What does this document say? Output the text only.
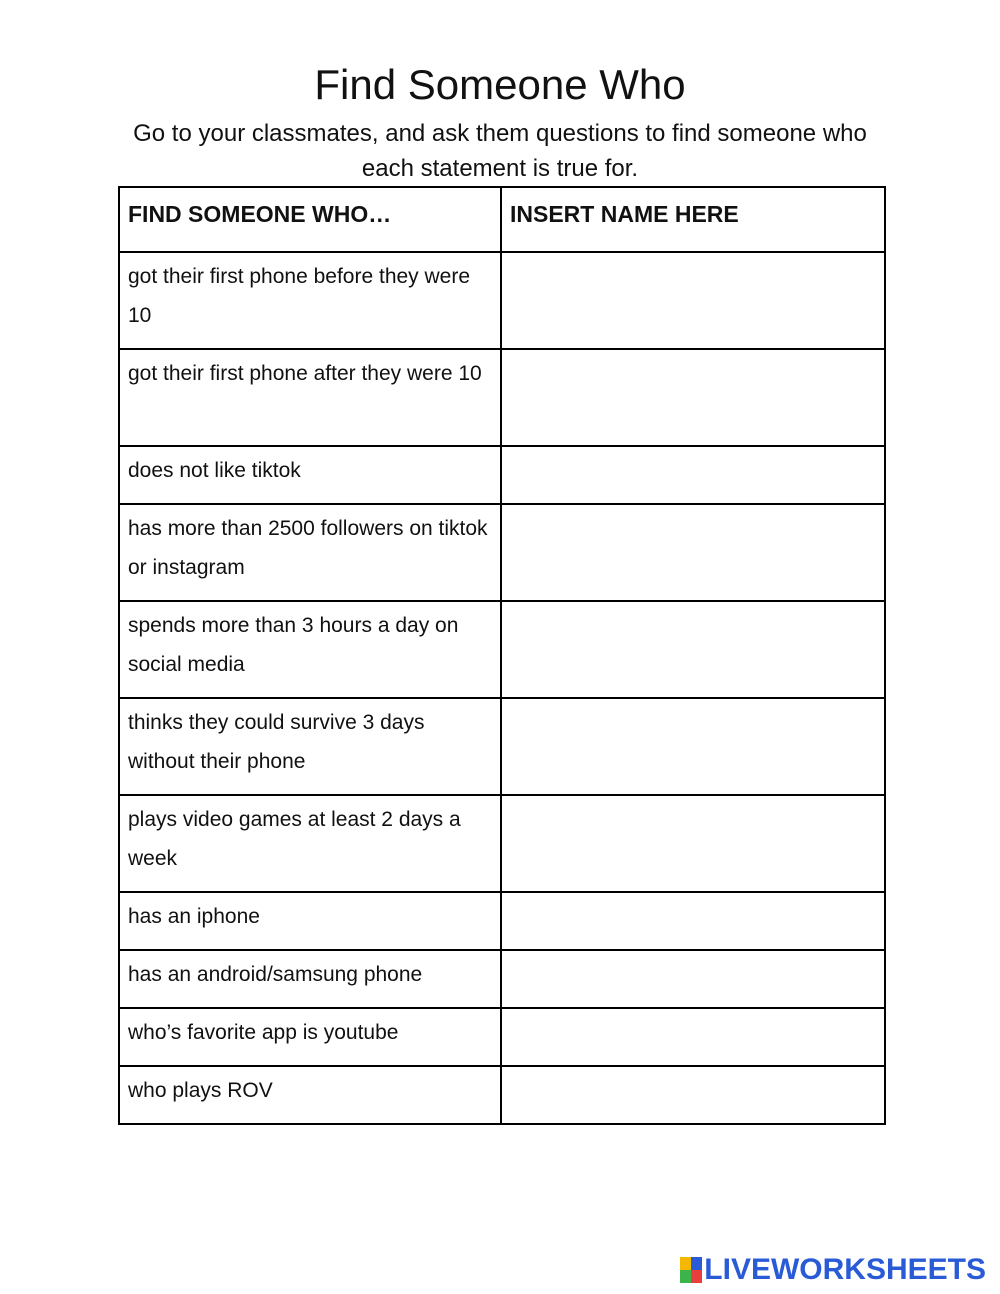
Find Someone Who

Go to your classmates, and ask them questions to find someone who each statement is true for.

FIND SOMEONE WHO…	INSERT NAME HERE
got their first phone before they were 10	
got their first phone after they were 10	
does not like tiktok	
has more than 2500 followers on tiktok or instagram	
spends more than 3 hours a day on social media	
thinks they could survive 3 days without their phone	
plays video games at least 2 days a week	
has an iphone	
has an android/samsung phone	
who’s favorite app is youtube	
who plays ROV	
LIVEWORKSHEETS
